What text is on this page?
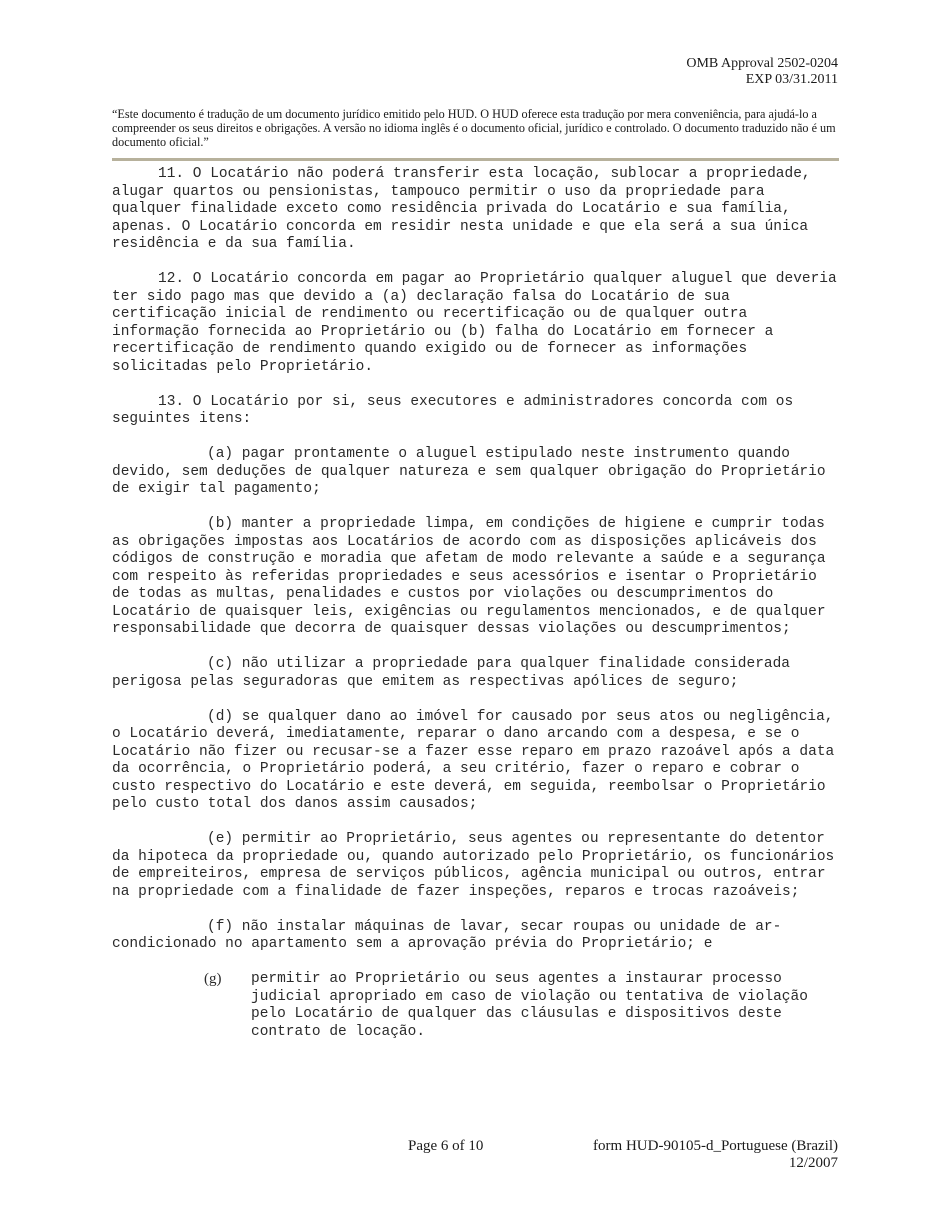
OMB Approval 2502-0204
EXP 03/31.2011
“Este documento é tradução de um documento jurídico emitido pelo HUD. O HUD oferece esta tradução por mera conveniência, para ajudá-lo a compreender os seus direitos e obrigações. A versão no idioma inglês é o documento oficial, jurídico e controlado. O documento traduzido não é um documento oficial.”

11. O Locatário não poderá transferir esta locação, sublocar a propriedade, alugar quartos ou pensionistas, tampouco permitir o uso da propriedade para qualquer finalidade exceto como residência privada do Locatário e sua família, apenas. O Locatário concorda em residir nesta unidade e que ela será a sua única residência e da sua família.

12. O Locatário concorda em pagar ao Proprietário qualquer aluguel que deveria ter sido pago mas que devido a (a) declaração falsa do Locatário de sua certificação inicial de rendimento ou recertificação ou de qualquer outra informação fornecida ao Proprietário ou (b) falha do Locatário em fornecer a recertificação de rendimento quando exigido ou de fornecer as informações solicitadas pelo Proprietário.

13. O Locatário por si, seus executores e administradores concorda com os seguintes itens:

(a) pagar prontamente o aluguel estipulado neste instrumento quando devido, sem deduções de qualquer natureza e sem qualquer obrigação do Proprietário de exigir tal pagamento;

(b) manter a propriedade limpa, em condições de higiene e cumprir todas as obrigações impostas aos Locatários de acordo com as disposições aplicáveis dos códigos de construção e moradia que afetam de modo relevante a saúde e a segurança com respeito às referidas propriedades e seus acessórios e isentar o Proprietário de todas as multas, penalidades e custos por violações ou descumprimentos do Locatário de quaisquer leis, exigências ou regulamentos mencionados, e de qualquer responsabilidade que decorra de quaisquer dessas violações ou descumprimentos;

(c) não utilizar a propriedade para qualquer finalidade considerada perigosa pelas seguradoras que emitem as respectivas apólices de seguro;

(d) se qualquer dano ao imóvel for causado por seus atos ou negligência, o Locatário deverá, imediatamente, reparar o dano arcando com a despesa, e se o Locatário não fizer ou recusar-se a fazer esse reparo em prazo razoável após a data da ocorrência, o Proprietário poderá, a seu critério, fazer o reparo e cobrar o custo respectivo do Locatário e este deverá, em seguida, reembolsar o Proprietário pelo custo total dos danos assim causados;

(e) permitir ao Proprietário, seus agentes ou representante do detentor da hipoteca da propriedade ou, quando autorizado pelo Proprietário, os funcionários de empreiteiros, empresa de serviços públicos, agência municipal ou outros, entrar na propriedade com a finalidade de fazer inspeções, reparos e trocas razoáveis;

(f) não instalar máquinas de lavar, secar roupas ou unidade de ar-condicionado no apartamento sem a aprovação prévia do Proprietário; e

(g) permitir ao Proprietário ou seus agentes a instaurar processo judicial apropriado em caso de violação ou tentativa de violação pelo Locatário de qualquer das cláusulas e dispositivos deste contrato de locação.
Page 6 of 10	form HUD-90105-d_Portuguese (Brazil)
12/2007
